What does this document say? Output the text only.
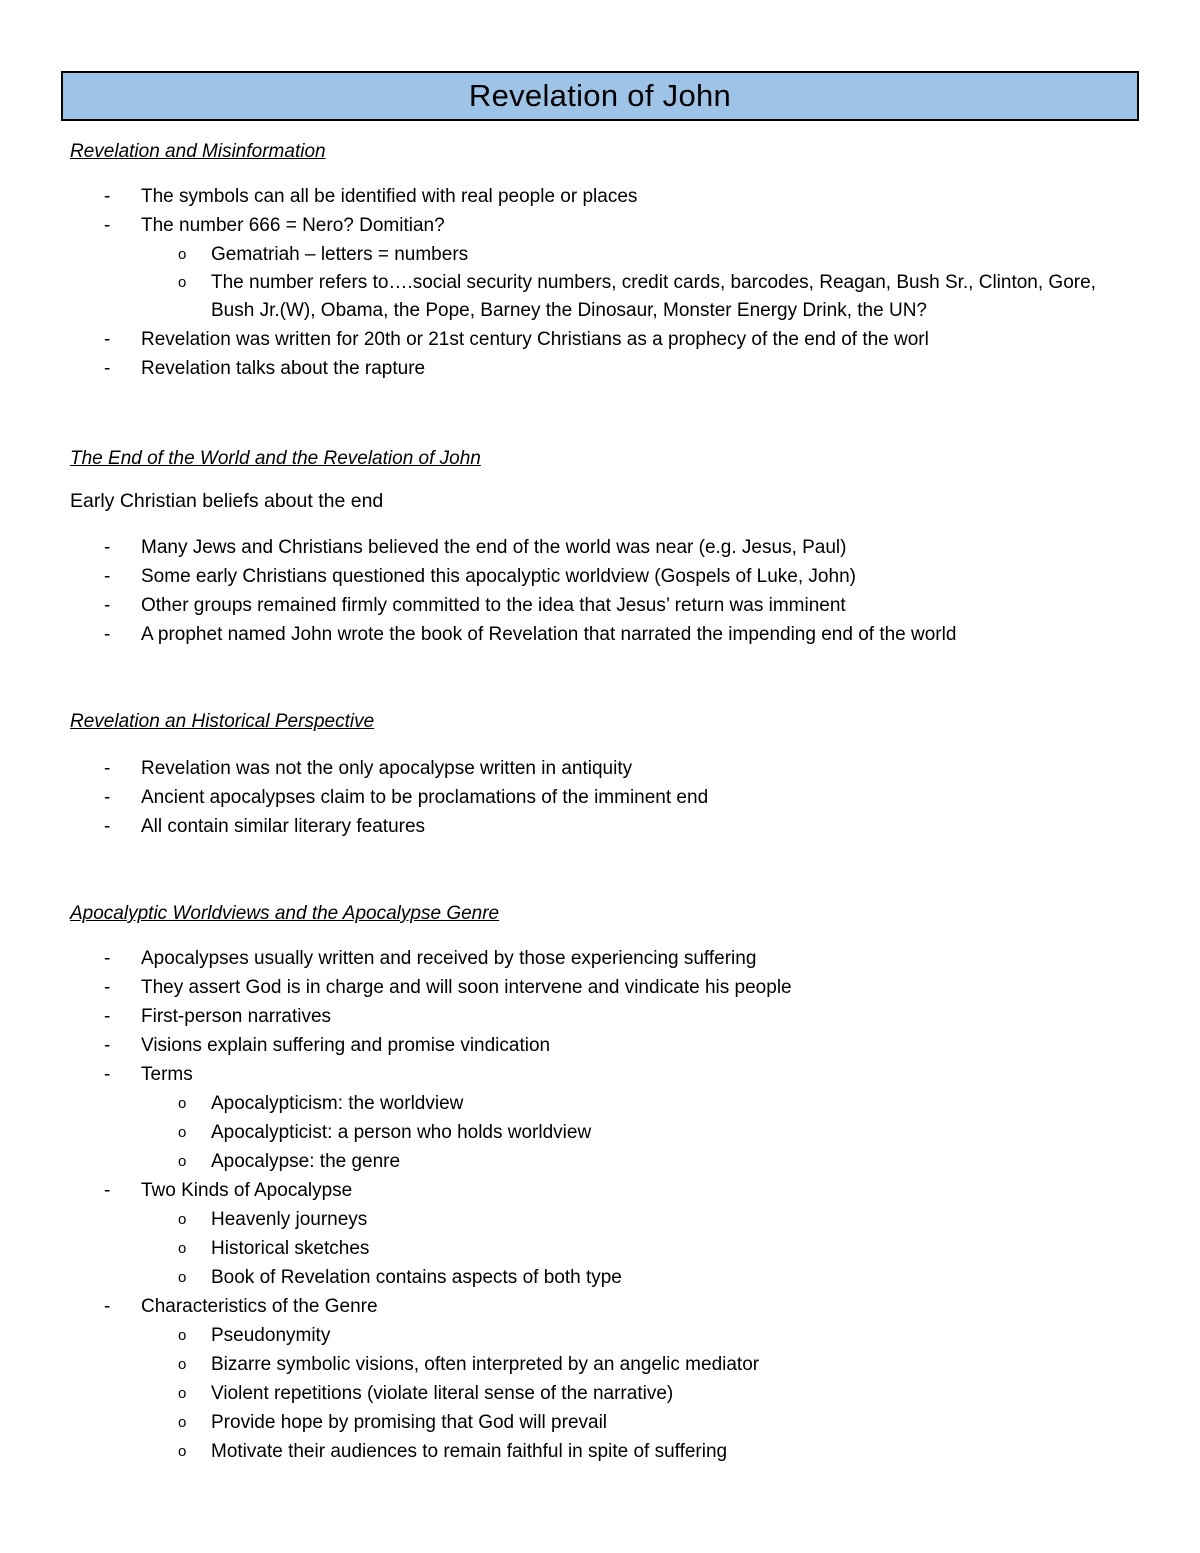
Revelation of John
Revelation and Misinformation
- The symbols can all be identified with real people or places
- The number 666 = Nero? Domitian?
o Gematriah – letters = numbers
o The number refers to….social security numbers, credit cards, barcodes, Reagan, Bush Sr., Clinton, Gore, Bush Jr.(W), Obama, the Pope, Barney the Dinosaur, Monster Energy Drink, the UN?
- Revelation was written for 20th or 21st century Christians as a prophecy of the end of the worl
- Revelation talks about the rapture
The End of the World and the Revelation of John
Early Christian beliefs about the end
- Many Jews and Christians believed the end of the world was near (e.g. Jesus, Paul)
- Some early Christians questioned this apocalyptic worldview (Gospels of Luke, John)
- Other groups remained firmly committed to the idea that Jesus’ return was imminent
- A prophet named John wrote the book of Revelation that narrated the impending end of the world
Revelation an Historical Perspective
- Revelation was not the only apocalypse written in antiquity
- Ancient apocalypses claim to be proclamations of the imminent end
- All contain similar literary features
Apocalyptic Worldviews and the Apocalypse Genre
- Apocalypses usually written and received by those experiencing suffering
- They assert God is in charge and will soon intervene and vindicate his people
- First-person narratives
- Visions explain suffering and promise vindication
- Terms
o Apocalypticism: the worldview
o Apocalypticist: a person who holds worldview
o Apocalypse: the genre
- Two Kinds of Apocalypse
o Heavenly journeys
o Historical sketches
o Book of Revelation contains aspects of both type
- Characteristics of the Genre
o Pseudonymity
o Bizarre symbolic visions, often interpreted by an angelic mediator
o Violent repetitions (violate literal sense of the narrative)
o Provide hope by promising that God will prevail
o Motivate their audiences to remain faithful in spite of suffering
